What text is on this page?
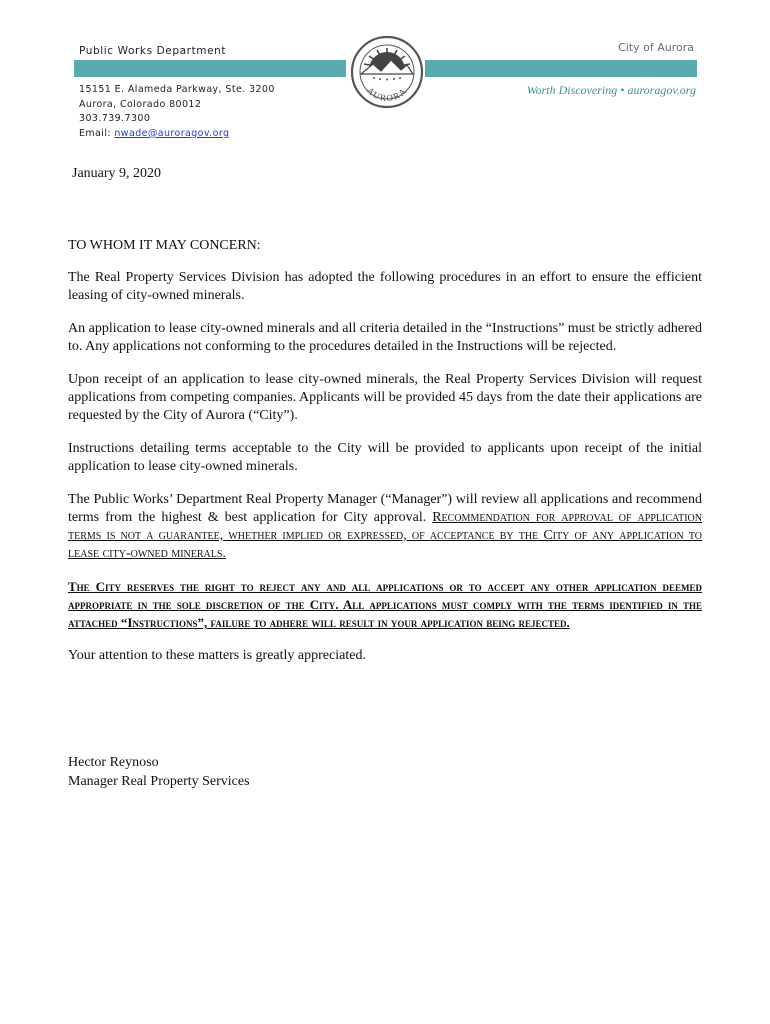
Public Works Department	City of Aurora
Worth Discovering • auroragov.org
AURORA
15151 E. Alameda Parkway, Ste. 3200
Aurora, Colorado 80012
303.739.7300
Email: nwade@auroragov.org
January 9, 2020

TO WHOM IT MAY CONCERN:

The Real Property Services Division has adopted the following procedures in an effort to ensure the efficient leasing of city-owned minerals.

An application to lease city-owned minerals and all criteria detailed in the “Instructions” must be strictly adhered to. Any applications not conforming to the procedures detailed in the Instructions will be rejected.

Upon receipt of an application to lease city-owned minerals, the Real Property Services Division will request applications from competing companies. Applicants will be provided 45 days from the date their applications are requested by the City of Aurora (“City”).

Instructions detailing terms acceptable to the City will be provided to applicants upon receipt of the initial application to lease city-owned minerals.

The Public Works’ Department Real Property Manager (“Manager”) will review all applications and recommend terms from the highest & best application for City approval. Recommendation for approval of application terms is not a guarantee, whether implied or expressed, of acceptance by the City of any application to lease city-owned minerals.

The City reserves the right to reject any and all applications or to accept any other application deemed appropriate in the sole discretion of the City. All applications must comply with the terms identified in the attached “Instructions”, failure to adhere will result in your application being rejected.

Your attention to these matters is greatly appreciated.

Hector Reynoso
Manager Real Property Services
